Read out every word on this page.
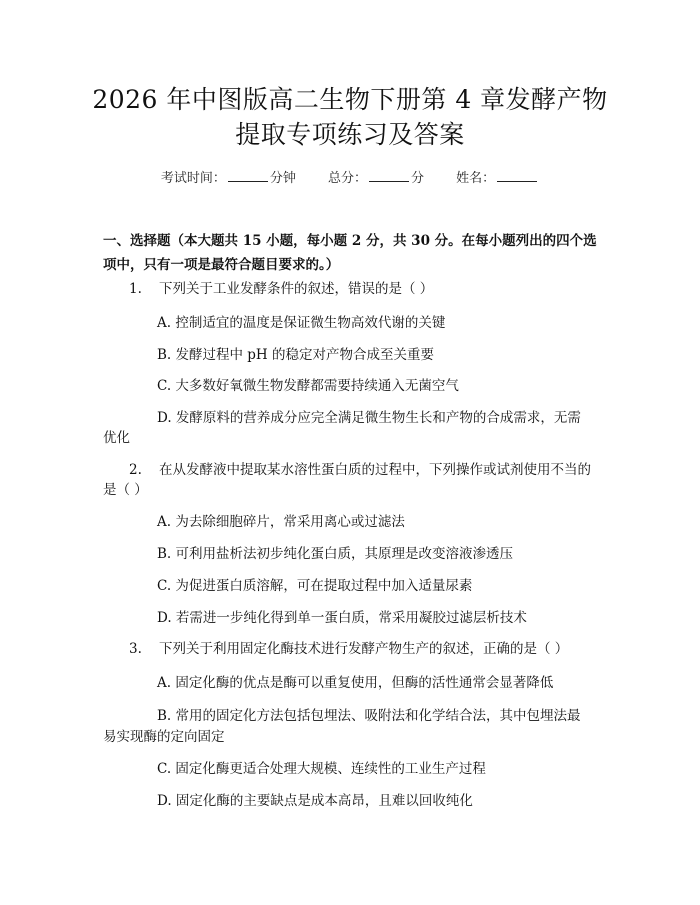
2026 年中图版高二生物下册第 4 章发酵产物
提取专项练习及答案
考试时间：	分钟 总分：	分 姓名：
一、选择题（本大题共 15 小题，每小题 2 分，共 30 分。在每小题列出的四个选
项中，只有一项是最符合题目要求的。）
1. 下列关于工业发酵条件的叙述，错误的是（ ）
A. 控制适宜的温度是保证微生物高效代谢的关键
B. 发酵过程中 pH 的稳定对产物合成至关重要
C. 大多数好氧微生物发酵都需要持续通入无菌空气
D. 发酵原料的营养成分应完全满足微生物生长和产物的合成需求，无需
优化
2. 在从发酵液中提取某水溶性蛋白质的过程中，下列操作或试剂使用不当的
是（ ）
A. 为去除细胞碎片，常采用离心或过滤法
B. 可利用盐析法初步纯化蛋白质，其原理是改变溶液渗透压
C. 为促进蛋白质溶解，可在提取过程中加入适量尿素
D. 若需进一步纯化得到单一蛋白质，常采用凝胶过滤层析技术
3. 下列关于利用固定化酶技术进行发酵产物生产的叙述，正确的是（ ）
A. 固定化酶的优点是酶可以重复使用，但酶的活性通常会显著降低
B. 常用的固定化方法包括包埋法、吸附法和化学结合法，其中包埋法最
易实现酶的定向固定
C. 固定化酶更适合处理大规模、连续性的工业生产过程
D. 固定化酶的主要缺点是成本高昂，且难以回收纯化
